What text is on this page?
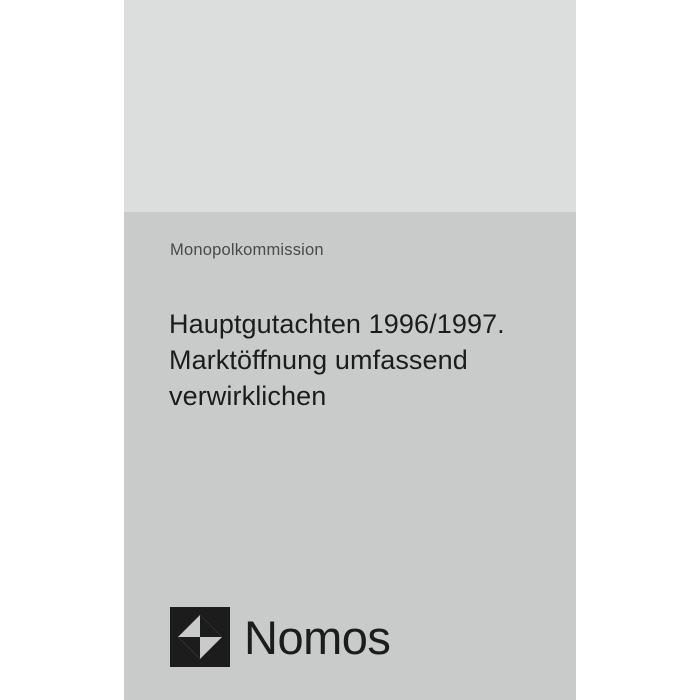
Monopolkommission
Hauptgutachten 1996/1997.
Marktöffnung umfassend
verwirklichen
Nomos
